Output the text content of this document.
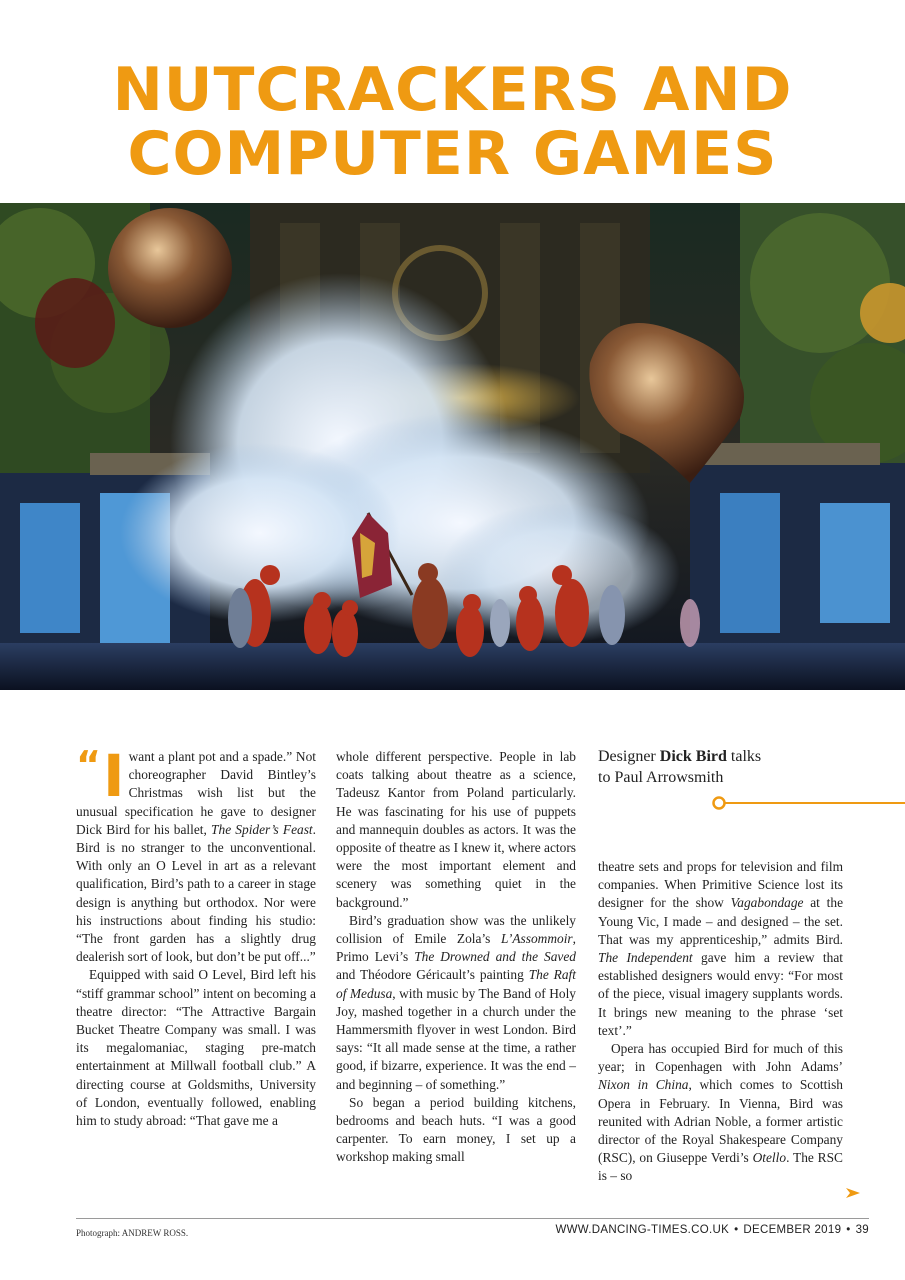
NUTCRACKERS AND
COMPUTER GAMES

“ I want a plant pot and a spade.” Not choreographer David Bintley’s Christmas wish list but the unusual specification he gave to designer Dick Bird for his ballet, The Spider’s Feast. Bird is no stranger to the unconventional. With only an O Level in art as a relevant qualification, Bird’s path to a career in stage design is anything but orthodox. Nor were his instructions about finding his studio: “The front garden has a slightly drug dealerish sort of look, but don’t be put off...”

Equipped with said O Level, Bird left his “stiff grammar school” intent on becoming a theatre director: “The Attractive Bargain Bucket Theatre Company was small. I was its megalomaniac, staging pre-match entertainment at Millwall football club.” A directing course at Goldsmiths, University of London, eventually followed, enabling him to study abroad: “That gave me a

whole different perspective. People in lab coats talking about theatre as a science, Tadeusz Kantor from Poland particularly. He was fascinating for his use of puppets and mannequin doubles as actors. It was the opposite of theatre as I knew it, where actors were the most important element and scenery was something quiet in the background.”

Bird’s graduation show was the unlikely collision of Emile Zola’s L’Assommoir, Primo Levi’s The Drowned and the Saved and Théodore Géricault’s painting The Raft of Medusa, with music by The Band of Holy Joy, mashed together in a church under the Hammersmith flyover in west London. Bird says: “It all made sense at the time, a rather good, if bizarre, experience. It was the end – and beginning – of something.”

So began a period building kitchens, bedrooms and beach huts. “I was a good carpenter. To earn money, I set up a workshop making small

Designer Dick Bird talks
to Paul Arrowsmith

theatre sets and props for television and film companies. When Primitive Science lost its designer for the show Vagabondage at the Young Vic, I made – and designed – the set. That was my apprenticeship,” admits Bird. The Independent gave him a review that established designers would envy: “For most of the piece, visual imagery supplants words. It brings new meaning to the phrase ‘set text’.”

Opera has occupied Bird for much of this year; in Copenhagen with John Adams’ Nixon in China, which comes to Scottish Opera in February. In Vienna, Bird was reunited with Adrian Noble, a former artistic director of the Royal Shakespeare Company (RSC), on Giuseppe Verdi’s Otello. The RSC is – so

Photograph: ANDREW ROSS.	WWW.DANCING-TIMES.CO.UK • DECEMBER 2019 • 39
